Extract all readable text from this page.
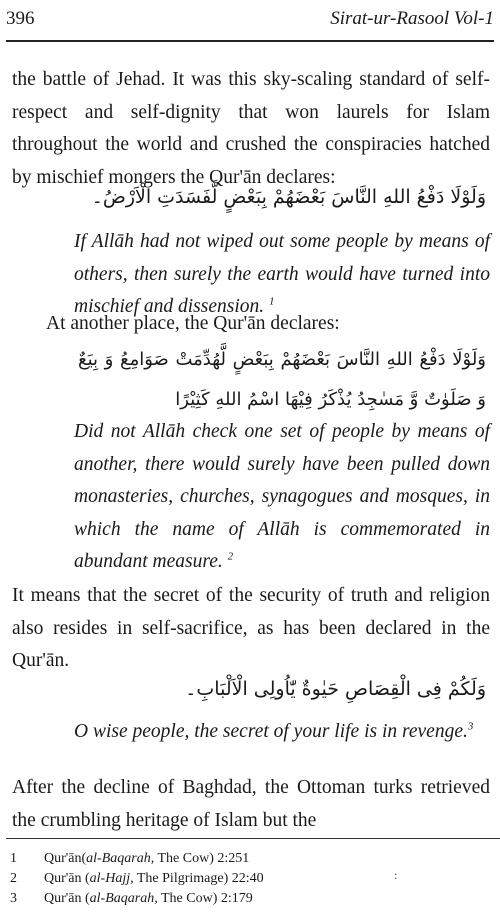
396	Sirat-ur-Rasool Vol-1

the battle of Jehad. It was this sky-scaling standard of self-respect and self-dignity that won laurels for Islam throughout the world and crushed the conspiracies hatched by mischief mongers the Qur'ān declares:

وَلَوْلَا دَفْعُ اللهِ النَّاسَ بَعْضَهُمْ بِبَعْضٍ لَّفَسَدَتِ الْاَرْضُ۔

If Allāh had not wiped out some people by means of others, then surely the earth would have turned into mischief and dissension. $^1$

At another place, the Qur'ān declares:

وَلَوْلَا دَفْعُ اللهِ النَّاسَ بَعْضَهُمْ بِبَعْضٍ لَّهُدِّمَتْ صَوَامِعُ وَ بِيَعٌ وَ صَلَوٰتٌ وَّ مَسٰجِدُ يُذْكَرُ فِيْهَا اسْمُ اللهِ كَثِيْرًا

Did not Allāh check one set of people by means of another, there would surely have been pulled down monasteries, churches, synagogues and mosques, in which the name of Allāh is commemorated in abundant measure. $^2$

It means that the secret of the security of truth and religion also resides in self-sacrifice, as has been declared in the Qur'ān.

وَلَكُمْ فِى الْقِصَاصِ حَيٰوةٌ يّٰاُولِى الْاَلْبَابِ۔

O wise people, the secret of your life is in revenge.$^3$

After the decline of Baghdad, the Ottoman turks retrieved the crumbling heritage of Islam but the

1 Qur'ān(al-Baqarah, The Cow) 2:251
2 Qur'ān (al-Hajj, The Pilgrimage) 22:40
3 Qur'ān (al-Baqarah, The Cow) 2:179
:
